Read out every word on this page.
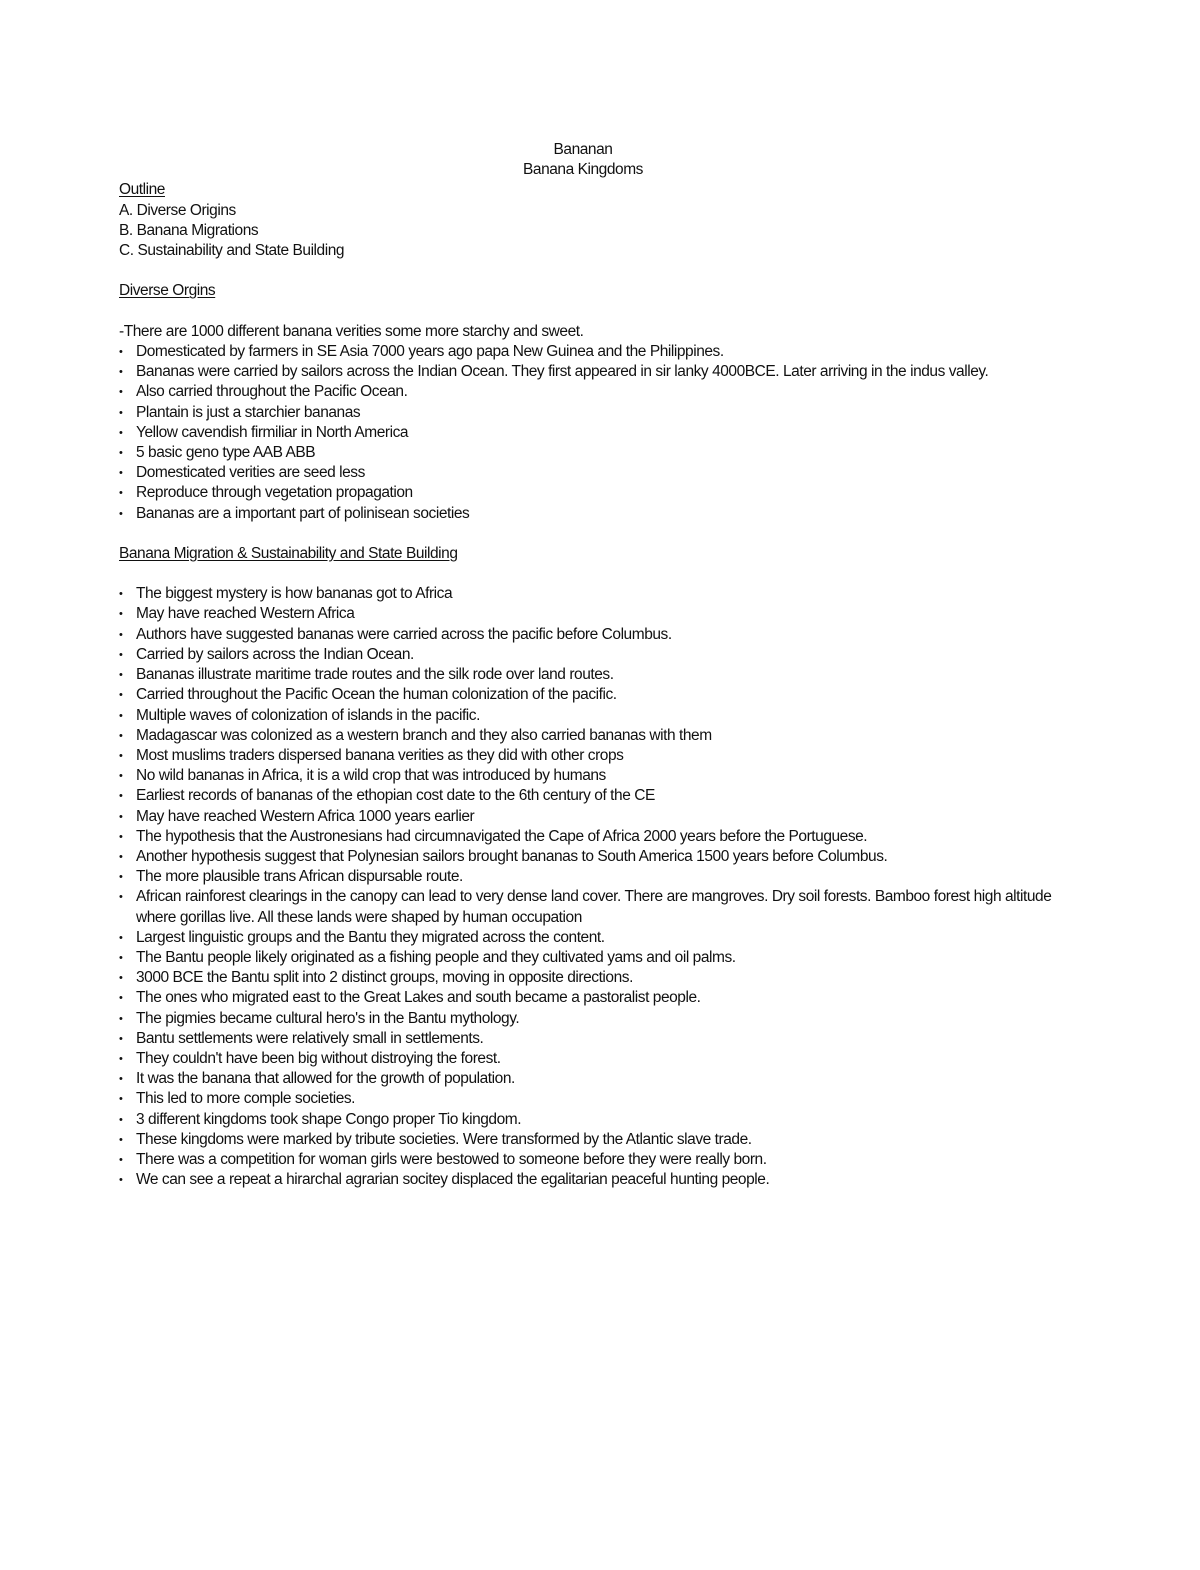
Bananan
Banana Kingdoms
Outline
A. Diverse Origins
B. Banana Migrations
C. Sustainability and State Building
Diverse Orgins
-There are 1000 different banana verities some more starchy and sweet.
• Domesticated by farmers in SE Asia 7000 years ago papa New Guinea and the Philippines.
• Bananas were carried by sailors across the Indian Ocean. They first appeared in sir lanky 4000BCE. Later arriving in the indus valley.
• Also carried throughout the Pacific Ocean.
• Plantain is just a starchier bananas
• Yellow cavendish firmiliar in North America
• 5 basic geno type AAB ABB
• Domesticated verities are seed less
• Reproduce through vegetation propagation
• Bananas are a important part of polinisean societies
Banana Migration & Sustainability and State Building
• The biggest mystery is how bananas got to Africa
• May have reached Western Africa
• Authors have suggested bananas were carried across the pacific before Columbus.
• Carried by sailors across the Indian Ocean.
• Bananas illustrate maritime trade routes and the silk rode over land routes.
• Carried throughout the Pacific Ocean the human colonization of the pacific.
• Multiple waves of colonization of islands in the pacific.
• Madagascar was colonized as a western branch and they also carried bananas with them
• Most muslims traders dispersed banana verities as they did with other crops
• No wild bananas in Africa, it is a wild crop that was introduced by humans
• Earliest records of bananas of the ethopian cost date to the 6th century of the CE
• May have reached Western Africa 1000 years earlier
• The hypothesis that the Austronesians had circumnavigated the Cape of Africa 2000 years before the Portuguese.
• Another hypothesis suggest that Polynesian sailors brought bananas to South America 1500 years before Columbus.
• The more plausible trans African dispursable route.
• African rainforest clearings in the canopy can lead to very dense land cover. There are mangroves. Dry soil forests. Bamboo forest high altitude where gorillas live. All these lands were shaped by human occupation
• Largest linguistic groups and the Bantu they migrated across the content.
• The Bantu people likely originated as a fishing people and they cultivated yams and oil palms.
• 3000 BCE the Bantu split into 2 distinct groups, moving in opposite directions.
• The ones who migrated east to the Great Lakes and south became a pastoralist people.
• The pigmies became cultural hero's in the Bantu mythology.
• Bantu settlements were relatively small in settlements.
• They couldn't have been big without distroying the forest.
• It was the banana that allowed for the growth of population.
• This led to more comple societies.
• 3 different kingdoms took shape Congo proper Tio kingdom.
• These kingdoms were marked by tribute societies. Were transformed by the Atlantic slave trade.
• There was a competition for woman girls were bestowed to someone before they were really born.
• We can see a repeat a hirarchal agrarian socitey displaced the egalitarian peaceful hunting people.
